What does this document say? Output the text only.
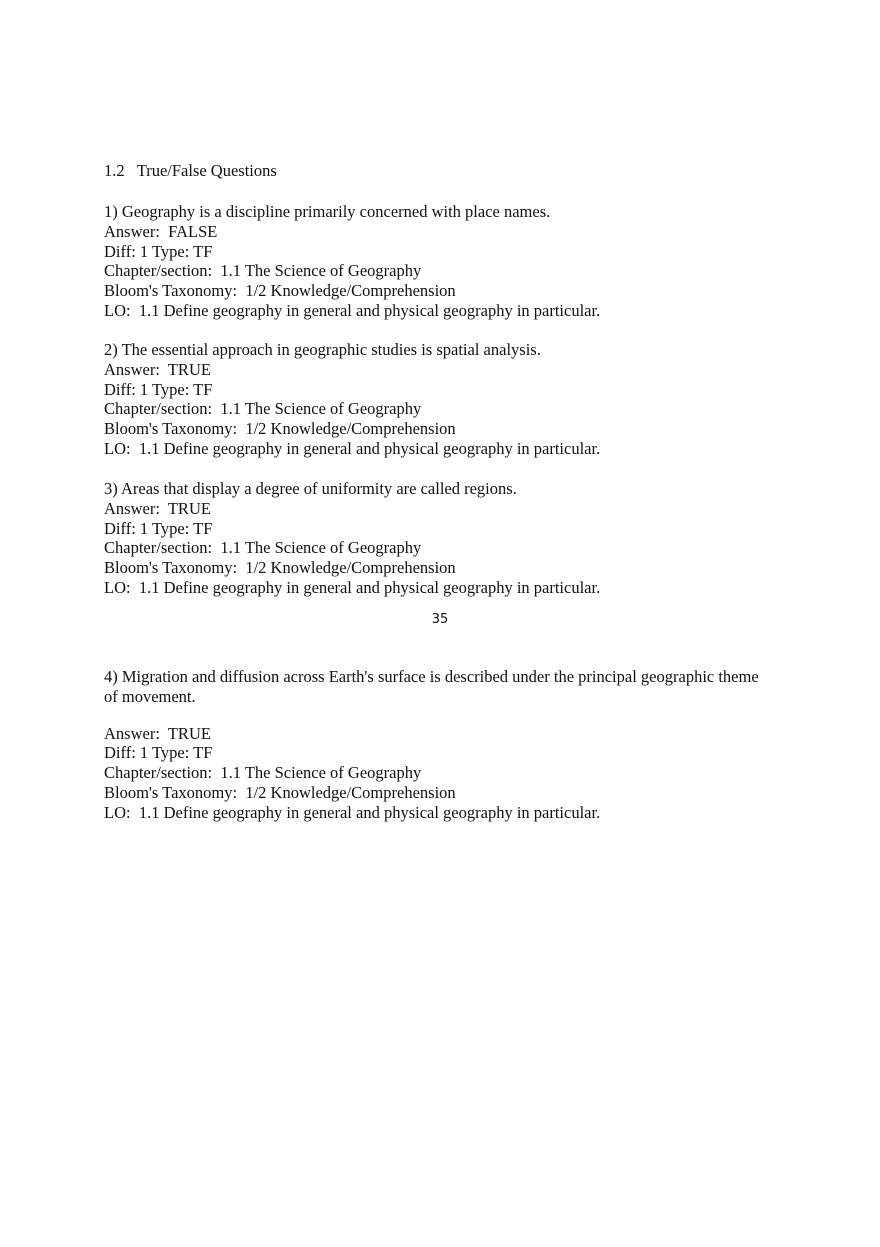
1.2   True/False Questions
1) Geography is a discipline primarily concerned with place names.
Answer:  FALSE
Diff: 1 Type: TF
Chapter/section:  1.1 The Science of Geography
Bloom's Taxonomy:  1/2 Knowledge/Comprehension
LO:  1.1 Define geography in general and physical geography in particular.
2) The essential approach in geographic studies is spatial analysis.
Answer:  TRUE
Diff: 1 Type: TF
Chapter/section:  1.1 The Science of Geography
Bloom's Taxonomy:  1/2 Knowledge/Comprehension
LO:  1.1 Define geography in general and physical geography in particular.
3) Areas that display a degree of uniformity are called regions.
Answer:  TRUE
Diff: 1 Type: TF
Chapter/section:  1.1 The Science of Geography
Bloom's Taxonomy:  1/2 Knowledge/Comprehension
LO:  1.1 Define geography in general and physical geography in particular.
35
4) Migration and diffusion across Earth's surface is described under the principal geographic theme of movement.
Answer:  TRUE
Diff: 1 Type: TF
Chapter/section:  1.1 The Science of Geography
Bloom's Taxonomy:  1/2 Knowledge/Comprehension
LO:  1.1 Define geography in general and physical geography in particular.
